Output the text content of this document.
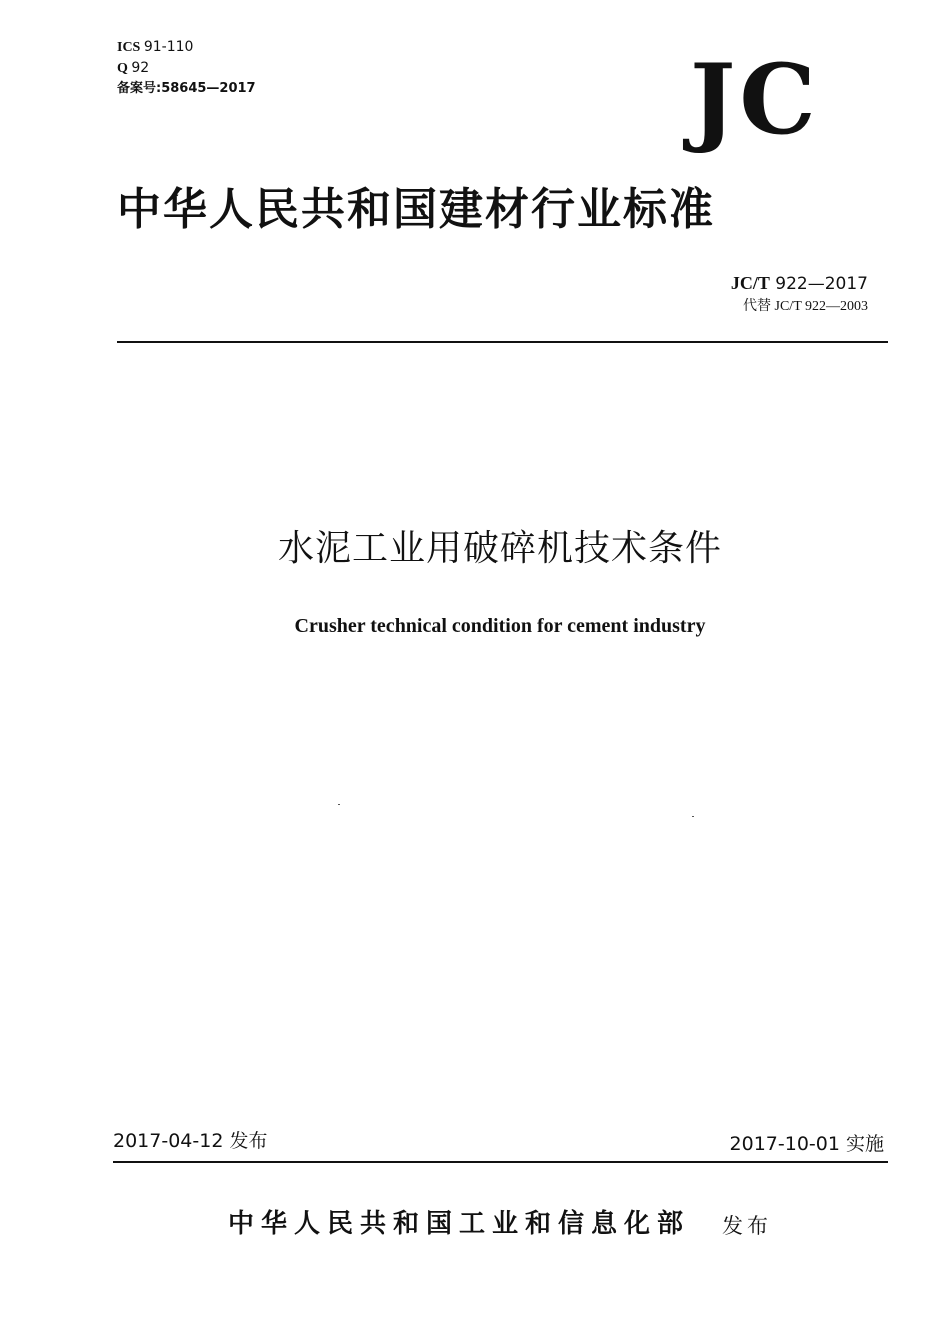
ICS 91-110
Q 92
备案号:58645—2017	JC
中华人民共和国建材行业标准
JC/T 922—2017
代替 JC/T 922—2003
水泥工业用破碎机技术条件
Crusher technical condition for cement industry
2017-04-12 发布	2017-10-01 实施
中华人民共和国工业和信息化部 发布
